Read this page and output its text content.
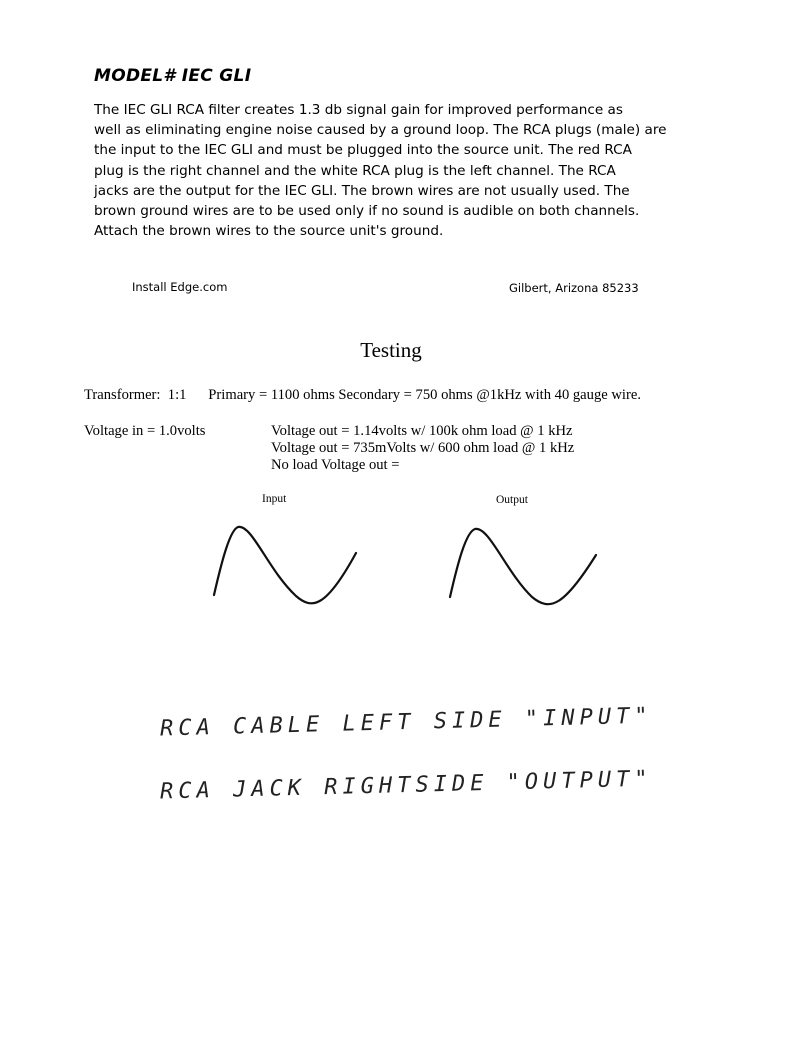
MODEL# IEC GLI

The IEC GLI RCA filter creates 1.3 db signal gain for improved performance as

well as eliminating engine noise caused by a ground loop. The RCA plugs (male) are

the input to the IEC GLI and must be plugged into the source unit. The red RCA

plug is the right channel and the white RCA plug is the left channel. The RCA

jacks are the output for the IEC GLI. The brown wires are not usually used. The

brown ground wires are to be used only if no sound is audible on both channels.

Attach the brown wires to the source unit's ground.

Install Edge.com	Gilbert, Arizona 85233
Testing
Transformer:  1:1      Primary = 1100 ohms Secondary = 750 ohms @1kHz with 40 gauge wire.
Voltage in = 1.0volts	Voltage out = 1.14volts w/ 100k ohm load @ 1 kHz
Voltage out = 735mVolts w/ 600 ohm load @ 1 kHz
No load Voltage out =
Input	Output
RCA CABLE LEFT SIDE "INPUT"
RCA JACK RIGHTSIDE "OUTPUT"
